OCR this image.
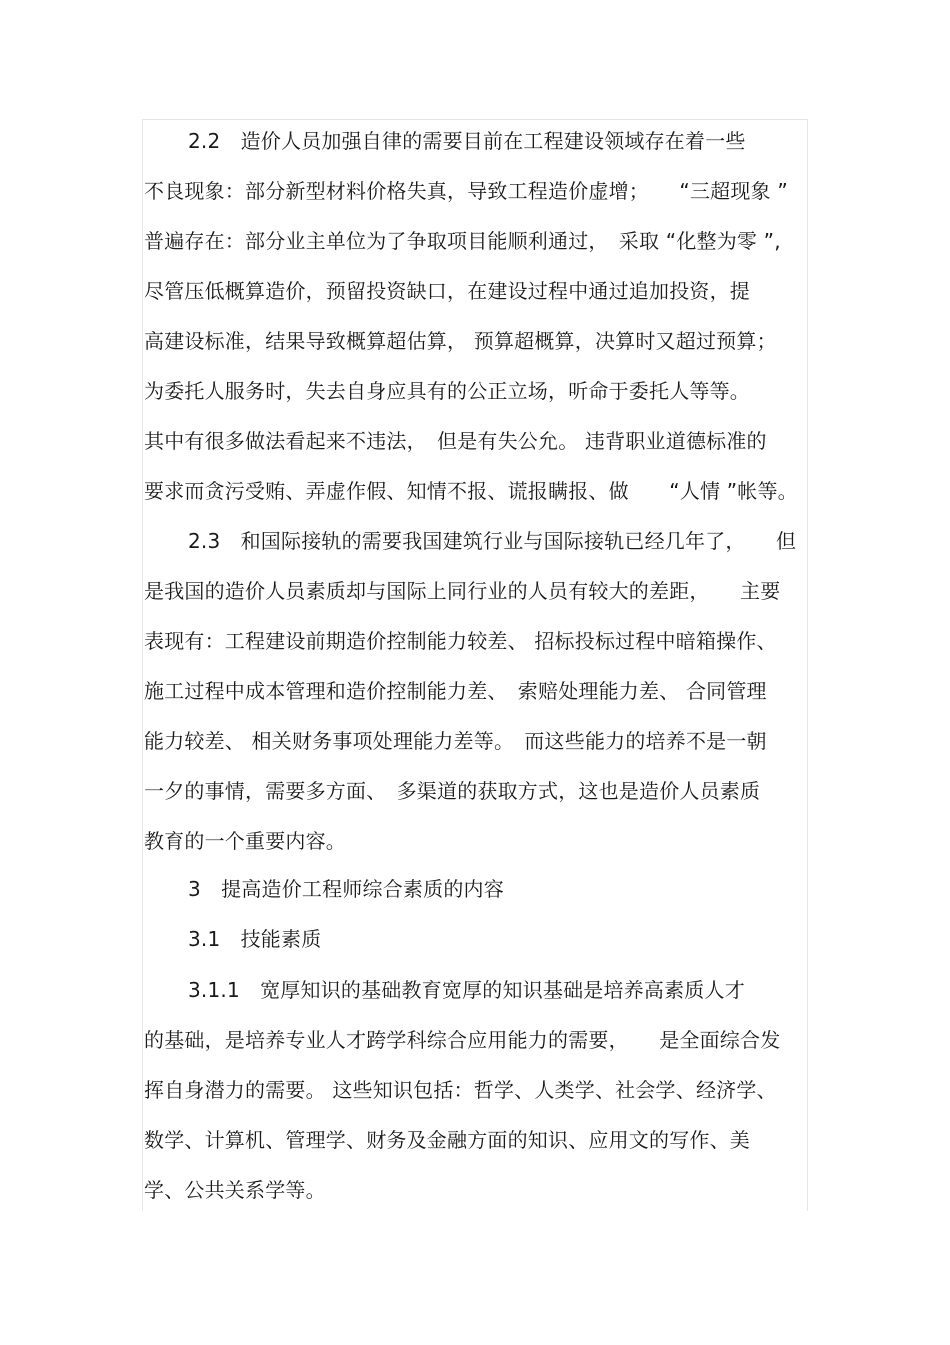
2.2　造价人员加强自律的需要目前在工程建设领域存在着一些
不良现象：部分新型材料价格失真，导致工程造价虚增；　　“三超现象 ”
普遍存在：部分业主单位为了争取项目能顺利通过，　采取 “化整为零 ”,
尽管压低概算造价，预留投资缺口，在建设过程中通过追加投资，提
高建设标准，结果导致概算超估算， 预算超概算，决算时又超过预算；
为委托人服务时，失去自身应具有的公正立场，听命于委托人等等。
其中有很多做法看起来不违法，　但是有失公允。 违背职业道德标准的
要求而贪污受贿、弄虚作假、知情不报、谎报瞒报、做　　“人情 ”帐等。
2.3　和国际接轨的需要我国建筑行业与国际接轨已经几年了，　　但
是我国的造价人员素质却与国际上同行业的人员有较大的差距，　　主要
表现有：工程建设前期造价控制能力较差、 招标投标过程中暗箱操作、
施工过程中成本管理和造价控制能力差、　索赔处理能力差、 合同管理
能力较差、 相关财务事项处理能力差等。　而这些能力的培养不是一朝
一夕的事情，需要多方面、　多渠道的获取方式，这也是造价人员素质
教育的一个重要内容。
3　提高造价工程师综合素质的内容
3.1　技能素质
3.1.1　宽厚知识的基础教育宽厚的知识基础是培养高素质人才
的基础，是培养专业人才跨学科综合应用能力的需要，　　是全面综合发
挥自身潜力的需要。 这些知识包括：哲学、人类学、社会学、经济学、
数学、计算机、管理学、财务及金融方面的知识、应用文的写作、美
学、公共关系学等。
